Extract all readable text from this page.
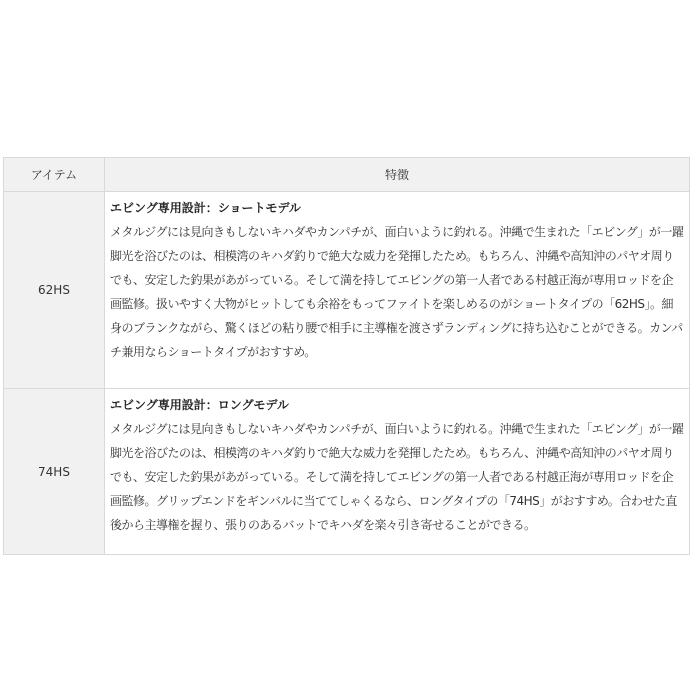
アイテム	特徴
62HS	エビング専用設計：ショートモデル
メタルジグには見向きもしないキハダやカンパチが、面白いように釣れる。沖縄で生まれた「エビング」が一躍脚光を浴びたのは、相模湾のキハダ釣りで絶大な威力を発揮したため。もちろん、沖縄や高知沖のパヤオ周りでも、安定した釣果があがっている。そして満を持してエビングの第一人者である村越正海が専用ロッドを企画監修。扱いやすく大物がヒットしても余裕をもってファイトを楽しめるのがショートタイプの「62HS」。細身のブランクながら、驚くほどの粘り腰で相手に主導権を渡さずランディングに持ち込むことができる。カンパチ兼用ならショートタイプがおすすめ。

74HS	エビング専用設計：ロングモデル
メタルジグには見向きもしないキハダやカンパチが、面白いように釣れる。沖縄で生まれた「エビング」が一躍脚光を浴びたのは、相模湾のキハダ釣りで絶大な威力を発揮したため。もちろん、沖縄や高知沖のパヤオ周りでも、安定した釣果があがっている。そして満を持してエビングの第一人者である村越正海が専用ロッドを企画監修。グリップエンドをギンバルに当ててしゃくるなら、ロングタイプの「74HS」がおすすめ。合わせた直後から主導権を握り、張りのあるバットでキハダを楽々引き寄せることができる。
